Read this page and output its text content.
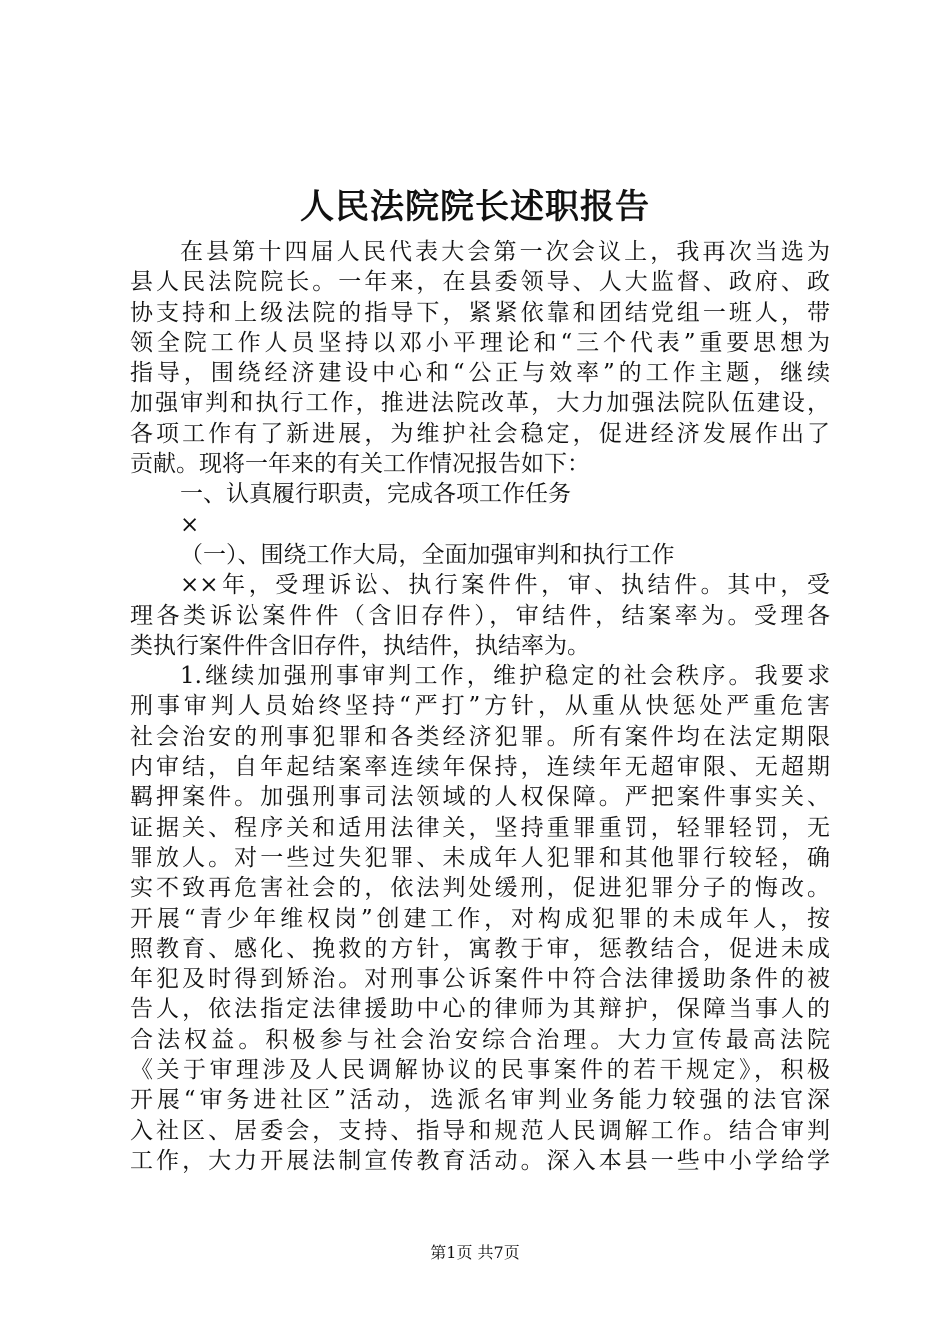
人民法院院长述职报告
在县第十四届人民代表大会第一次会议上，我再次当选为
县人民法院院长。一年来，在县委领导、人大监督、政府、政
协支持和上级法院的指导下，紧紧依靠和团结党组一班人，带
领全院工作人员坚持以邓小平理论和“三个代表”重要思想为
指导，围绕经济建设中心和“公正与效率”的工作主题，继续
加强审判和执行工作，推进法院改革，大力加强法院队伍建设，
各项工作有了新进展，为维护社会稳定，促进经济发展作出了
贡献。现将一年来的有关工作情况报告如下：
一、认真履行职责，完成各项工作任务
×
（一）、围绕工作大局，全面加强审判和执行工作
××年，受理诉讼、执行案件件，审、执结件。其中，受
理各类诉讼案件件（含旧存件），审结件，结案率为。受理各
类执行案件件含旧存件，执结件，执结率为。
1.继续加强刑事审判工作，维护稳定的社会秩序。我要求
刑事审判人员始终坚持“严打”方针，从重从快惩处严重危害
社会治安的刑事犯罪和各类经济犯罪。所有案件均在法定期限
内审结，自年起结案率连续年保持，连续年无超审限、无超期
羁押案件。加强刑事司法领域的人权保障。严把案件事实关、
证据关、程序关和适用法律关，坚持重罪重罚，轻罪轻罚，无
罪放人。对一些过失犯罪、未成年人犯罪和其他罪行较轻，确
实不致再危害社会的，依法判处缓刑，促进犯罪分子的悔改。
开展“青少年维权岗”创建工作，对构成犯罪的未成年人，按
照教育、感化、挽救的方针，寓教于审，惩教结合，促进未成
年犯及时得到矫治。对刑事公诉案件中符合法律援助条件的被
告人，依法指定法律援助中心的律师为其辩护，保障当事人的
合法权益。积极参与社会治安综合治理。大力宣传最高法院
《关于审理涉及人民调解协议的民事案件的若干规定》，积极
开展“审务进社区”活动，选派名审判业务能力较强的法官深
入社区、居委会，支持、指导和规范人民调解工作。结合审判
工作，大力开展法制宣传教育活动。深入本县一些中小学给学
第1页 共7页
